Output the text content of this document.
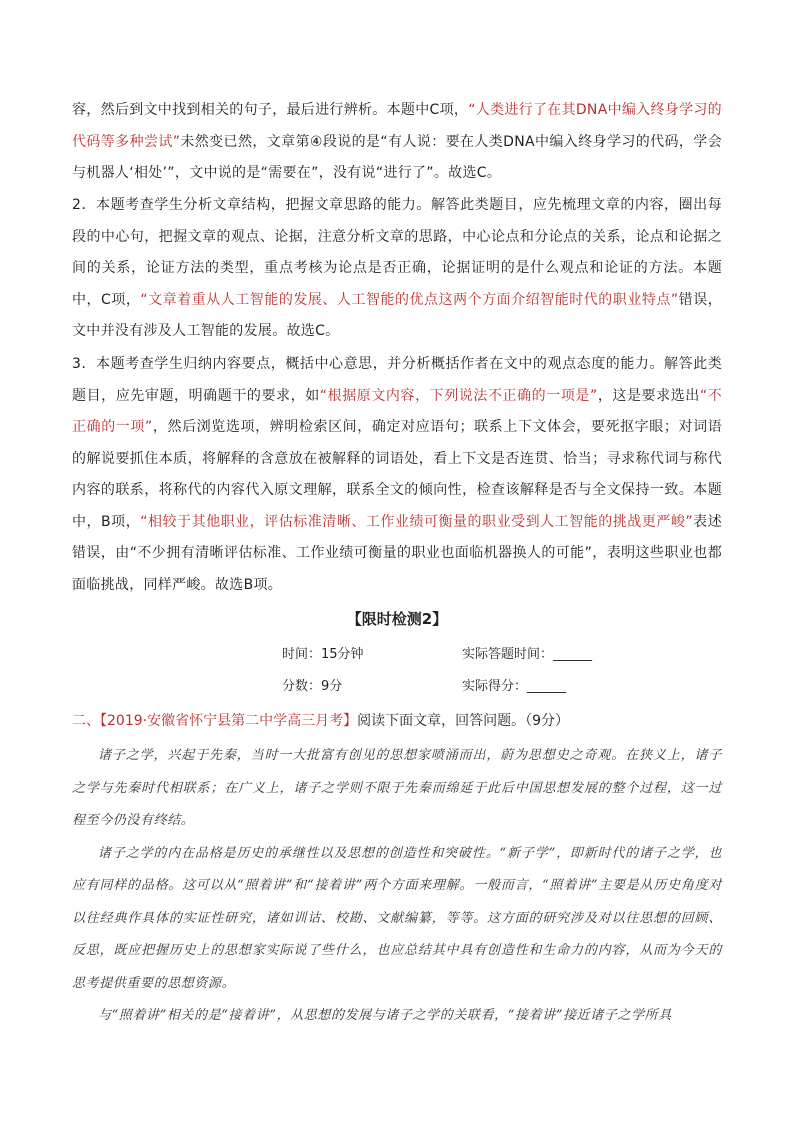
容，然后到文中找到相关的句子，最后进行辨析。本题中C项，“人类进行了在其DNA中编入终身学习的代码等多种尝试”未然变已然，文章第④段说的是“有人说：要在人类DNA中编入终身学习的代码，学会与机器人‘相处’”，文中说的是“需要在”，没有说“进行了”。故选C。
2．本题考查学生分析文章结构，把握文章思路的能力。解答此类题目，应先梳理文章的内容，圈出每段的中心句，把握文章的观点、论据，注意分析文章的思路，中心论点和分论点的关系，论点和论据之间的关系，论证方法的类型，重点考核为论点是否正确，论据证明的是什么观点和论证的方法。本题中，C项，“文章着重从人工智能的发展、人工智能的优点这两个方面介绍智能时代的职业特点”错误，文中并没有涉及人工智能的发展。故选C。
3．本题考查学生归纳内容要点，概括中心意思，并分析概括作者在文中的观点态度的能力。解答此类题目，应先审题，明确题干的要求，如“根据原文内容，下列说法不正确的一项是”，这是要求选出“不正确的一项”，然后浏览选项，辨明检索区间，确定对应语句；联系上下文体会，要死抠字眼；对词语的解说要抓住本质，将解释的含意放在被解释的词语处，看上下文是否连贯、恰当；寻求称代词与称代内容的联系，将称代的内容代入原文理解，联系全文的倾向性，检查该解释是否与全文保持一致。本题中，B项，“相较于其他职业，评估标准清晰、工作业绩可衡量的职业受到人工智能的挑战更严峻”表述错误，由“不少拥有清晰评估标准、工作业绩可衡量的职业也面临机器换人的可能”，表明这些职业也都面临挑战，同样严峻。故选B项。
【限时检测2】
时间：15分钟	实际答题时间：______
分数：9分	实际得分：______
二、【2019·安徽省怀宁县第二中学高三月考】阅读下面文章，回答问题。（9分）

诸子之学，兴起于先秦，当时一大批富有创见的思想家喷涌而出，蔚为思想史之奇观。在狭义上，诸子之学与先秦时代相联系；在广义上，诸子之学则不限于先秦而绵延于此后中国思想发展的整个过程，这一过程至今仍没有终结。

诸子之学的内在品格是历史的承继性以及思想的创造性和突破性。“新子学”，即新时代的诸子之学，也应有同样的品格。这可以从“照着讲”和“接着讲”两个方面来理解。一般而言，“照着讲”主要是从历史角度对以往经典作具体的实证性研究，诸如训诂、校勘、文献编纂，等等。这方面的研究涉及对以往思想的回顾、反思，既应把握历史上的思想家实际说了些什么，也应总结其中具有创造性和生命力的内容，从而为今天的思考提供重要的思想资源。

与“照着讲”相关的是“接着讲”，从思想的发展与诸子之学的关联看，“接着讲”接近诸子之学所具
